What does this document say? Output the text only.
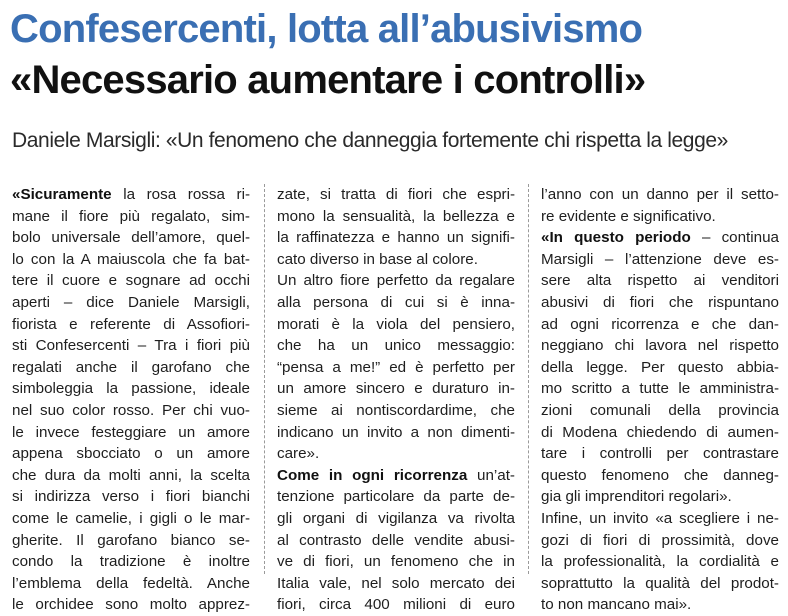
Confesercenti, lotta all’abusivismo
«Necessario aumentare i controlli»
Daniele Marsigli: «Un fenomeno che danneggia fortemente chi rispetta la legge»
«Sicuramente la rosa rossa ri-
mane il fiore più regalato, sim-
bolo universale dell’amore, quel-
lo con la A maiuscola che fa bat-
tere il cuore e sognare ad occhi
aperti – dice Daniele Marsigli,
fiorista e referente di Assofiori-
sti Confesercenti – Tra i fiori più
regalati anche il garofano che
simboleggia la passione, ideale
nel suo color rosso. Per chi vuo-
le invece festeggiare un amore
appena sbocciato o un amore
che dura da molti anni, la scelta
si indirizza verso i fiori bianchi
come le camelie, i gigli o le mar-
gherite. Il garofano bianco se-
condo la tradizione è inoltre
l’emblema della fedeltà. Anche
le orchidee sono molto apprez-
zate, si tratta di fiori che espri-
mono la sensualità, la bellezza e
la raffinatezza e hanno un signifi-
cato diverso in base al colore.
Un altro fiore perfetto da regalare
alla persona di cui si è inna-
morati è la viola del pensiero,
che ha un unico messaggio:
“pensa a me!” ed è perfetto per
un amore sincero e duraturo in-
sieme ai nontiscordardime, che
indicano un invito a non dimenti-
care».
Come in ogni ricorrenza un’at-
tenzione particolare da parte de-
gli organi di vigilanza va rivolta
al contrasto delle vendite abusi-
ve di fiori, un fenomeno che in
Italia vale, nel solo mercato dei
fiori, circa 400 milioni di euro
l’anno con un danno per il setto-
re evidente e significativo.
«In questo periodo – continua
Marsigli – l’attenzione deve es-
sere alta rispetto ai venditori
abusivi di fiori che rispuntano
ad ogni ricorrenza e che dan-
neggiano chi lavora nel rispetto
della legge. Per questo abbia-
mo scritto a tutte le amministra-
zioni comunali della provincia
di Modena chiedendo di aumen-
tare i controlli per contrastare
questo fenomeno che danneg-
gia gli imprenditori regolari».
Infine, un invito «a scegliere i ne-
gozi di fiori di prossimità, dove
la professionalità, la cordialità e
soprattutto la qualità del prodot-
to non mancano mai».
